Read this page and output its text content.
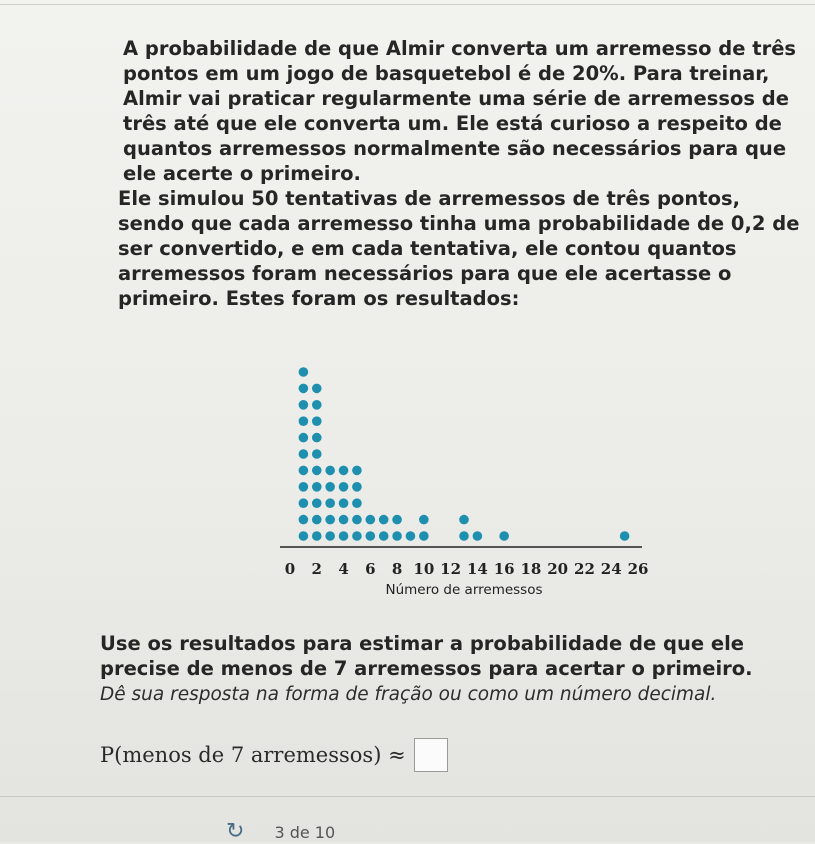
A probabilidade de que Almir converta um arremesso de três pontos em um jogo de basquetebol é de 20%. Para treinar, Almir vai praticar regularmente uma série de arremessos de três até que ele converta um. Ele está curioso a respeito de quantos arremessos normalmente são necessários para que ele acerte o primeiro.

Ele simulou 50 tentativas de arremessos de três pontos, sendo que cada arremesso tinha uma probabilidade de 0,2 de ser convertido, e em cada tentativa, ele contou quantos arremessos foram necessários para que ele acertasse o primeiro. Estes foram os resultados:

0 2 4 6 8 10 12 14 16 18 20 22 24 26
Número de arremessos

Use os resultados para estimar a probabilidade de que ele precise de menos de 7 arremessos para acertar o primeiro.

Dê sua resposta na forma de fração ou como um número decimal.

P(menos de 7 arremessos) ≈
↻ 3 de 10
